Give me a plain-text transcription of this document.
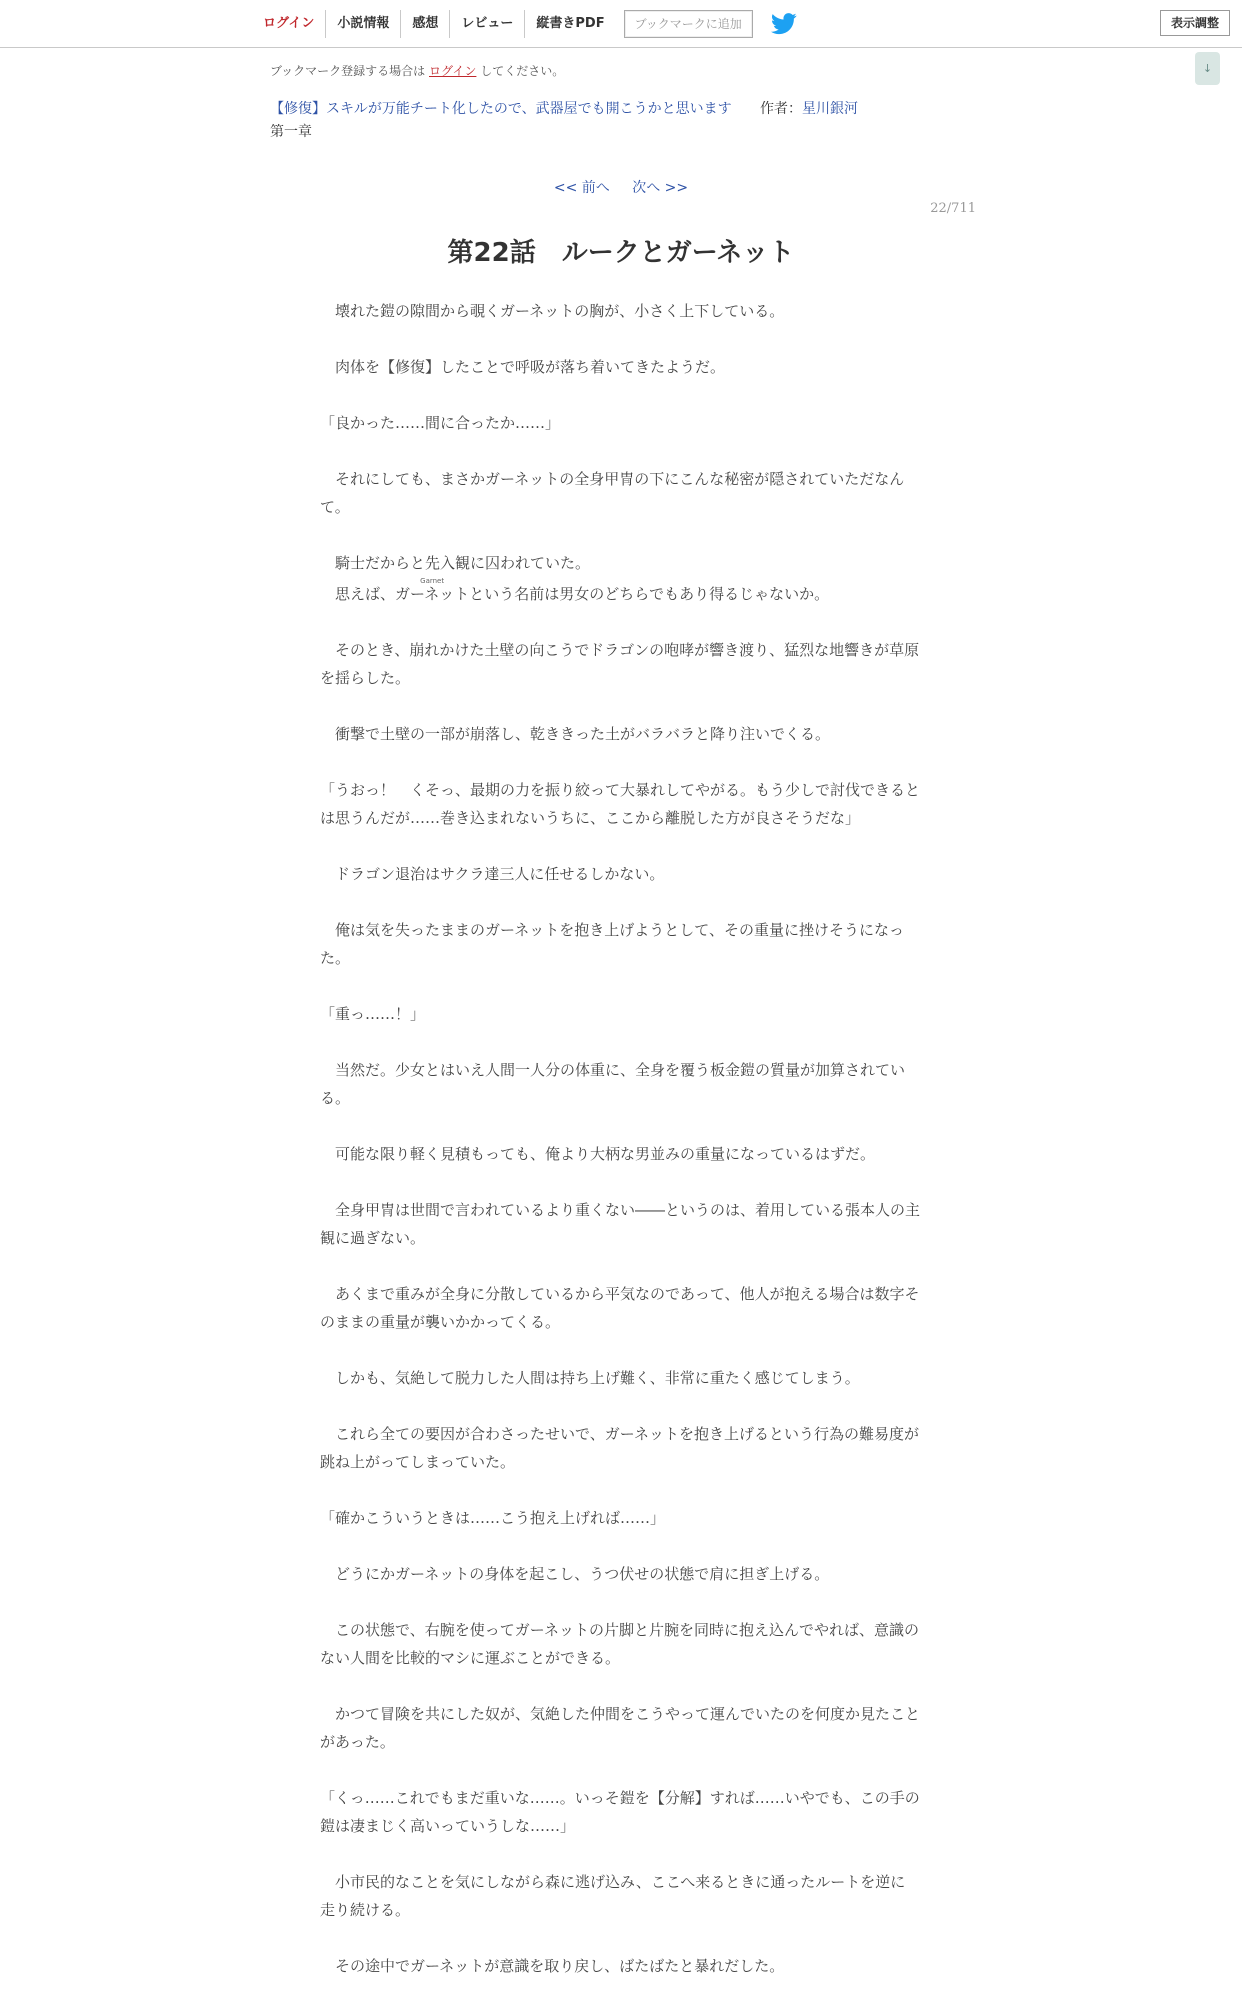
ログイン	小説情報	感想	レビュー	縦書きPDF	ブックマークに追加	表示調整
↓
ブックマーク登録する場合は ログイン してください。
【修復】スキルが万能チート化したので、武器屋でも開こうかと思います 作者：星川銀河
第一章
<< 前へ 次へ >>
22/711
第22話　ルークとガーネット

　壊れた鎧の隙間から覗くガーネットの胸が、小さく上下している。

　肉体を【修復】したことで呼吸が落ち着いてきたようだ。

「良かった……間に合ったか……」

　それにしても、まさかガーネットの全身甲冑の下にこんな秘密が隠されていただなんて。

　騎士だからと先入観に囚われていた。

　思えば、ガーネットGarnetという名前は男女のどちらでもあり得るじゃないか。

　そのとき、崩れかけた土壁の向こうでドラゴンの咆哮が響き渡り、猛烈な地響きが草原を揺らした。

　衝撃で土壁の一部が崩落し、乾ききった土がバラバラと降り注いでくる。

「うおっ！　くそっ、最期の力を振り絞って大暴れしてやがる。もう少しで討伐できるとは思うんだが……巻き込まれないうちに、ここから離脱した方が良さそうだな」

　ドラゴン退治はサクラ達三人に任せるしかない。

　俺は気を失ったままのガーネットを抱き上げようとして、その重量に挫けそうになった。

「重っ……！」

　当然だ。少女とはいえ人間一人分の体重に、全身を覆う板金鎧の質量が加算されている。

　可能な限り軽く見積もっても、俺より大柄な男並みの重量になっているはずだ。

　全身甲冑は世間で言われているより重くない――というのは、着用している張本人の主観に過ぎない。

　あくまで重みが全身に分散しているから平気なのであって、他人が抱える場合は数字そのままの重量が襲いかかってくる。

　しかも、気絶して脱力した人間は持ち上げ難く、非常に重たく感じてしまう。

　これら全ての要因が合わさったせいで、ガーネットを抱き上げるという行為の難易度が跳ね上がってしまっていた。

「確かこういうときは……こう抱え上げれば……」

　どうにかガーネットの身体を起こし、うつ伏せの状態で肩に担ぎ上げる。

　この状態で、右腕を使ってガーネットの片脚と片腕を同時に抱え込んでやれば、意識のない人間を比較的マシに運ぶことができる。

　かつて冒険を共にした奴が、気絶した仲間をこうやって運んでいたのを何度か見たことがあった。

「くっ……これでもまだ重いな……。いっそ鎧を【分解】すれば……いやでも、この手の鎧は凄まじく高いっていうしな……」

　小市民的なことを気にしながら森に逃げ込み、ここへ来るときに通ったルートを逆に走り続ける。

　その途中でガーネットが意識を取り戻し、ばたばたと暴れだした。
